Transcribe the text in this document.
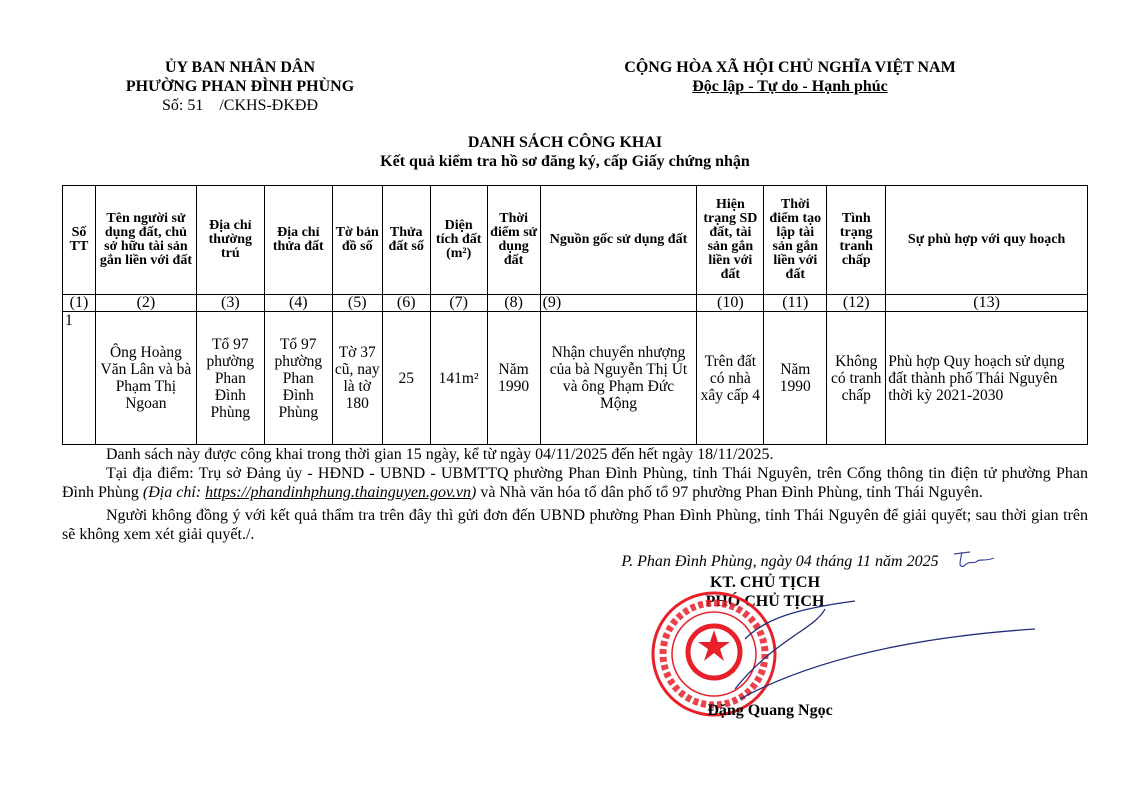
ỦY BAN NHÂN DÂN
PHƯỜNG PHAN ĐÌNH PHÙNG
Số: 51    /CKHS-ĐKĐĐ
CỘNG HÒA XÃ HỘI CHỦ NGHĨA VIỆT NAM
Độc lập - Tự do - Hạnh phúc
DANH SÁCH CÔNG KHAI
Kết quả kiểm tra hồ sơ đăng ký, cấp Giấy chứng nhận
Số TT	Tên người sử dụng đất, chủ sở hữu tài sản gắn liền với đất	Địa chỉ thường trú	Địa chỉ thửa đất	Tờ bản đồ số	Thửa đất số	Diện tích đất (m²)	Thời điểm sử dụng đất	Nguồn gốc sử dụng đất	Hiện trạng SD đất, tài sản gắn liền với đất	Thời điểm tạo lập tài sản gắn liền với đất	Tình trạng tranh chấp	Sự phù hợp với quy hoạch
(1)	(2)	(3)	(4)	(5)	(6)	(7)	(8)	(9)	(10)	(11)	(12)	(13)
1	Ông Hoàng Văn Lân và bà Phạm Thị Ngoan	Tổ 97 phường Phan Đình Phùng	Tổ 97 phường Phan Đình Phùng	Tờ 37 cũ, nay là tờ 180	25	141m²	Năm 1990	Nhận chuyển nhượng của bà Nguyễn Thị Út và ông Phạm Đức Mộng	Trên đất có nhà xây cấp 4	Năm 1990	Không có tranh chấp	Phù hợp Quy hoạch sử dụng đất thành phố Thái Nguyên thời kỳ 2021-2030
Danh sách này được công khai trong thời gian 15 ngày, kể từ ngày 04/11/2025 đến hết ngày 18/11/2025.
Tại địa điểm: Trụ sở Đảng ủy - HĐND - UBND - UBMTTQ phường Phan Đình Phùng, tỉnh Thái Nguyên, trên Cổng thông tin điện tử phường Phan Đình Phùng (Địa chỉ: https://phandinhphung.thainguyen.gov.vn) và Nhà văn hóa tổ dân phố tổ 97 phường Phan Đình Phùng, tỉnh Thái Nguyên.
Người không đồng ý với kết quả thẩm tra trên đây thì gửi đơn đến UBND phường Phan Đình Phùng, tỉnh Thái Nguyên để giải quyết; sau thời gian trên sẽ không xem xét giải quyết./.
P. Phan Đình Phùng, ngày 04 tháng 11 năm 2025
KT. CHỦ TỊCH
PHÓ CHỦ TỊCH
Đặng Quang Ngọc
